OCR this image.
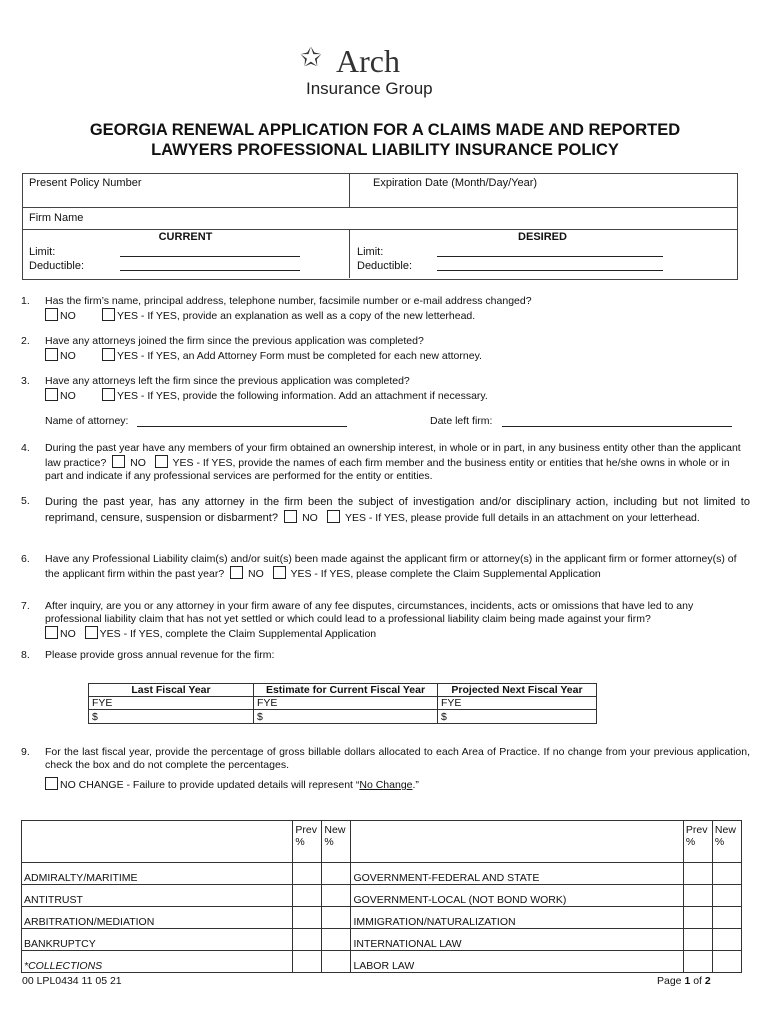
✩ Arch
Insurance Group
GEORGIA RENEWAL APPLICATION FOR A CLAIMS MADE AND REPORTED
LAWYERS PROFESSIONAL LIABILITY INSURANCE POLICY
Present Policy Number	Expiration Date (Month/Day/Year)
Firm Name
CURRENT	DESIRED
Limit:
Deductible:
Limit:
Deductible:
1. Has the firm’s name, principal address, telephone number, facsimile number or e-mail address changed?
NO	YES - If YES, provide an explanation as well as a copy of the new letterhead.
2. Have any attorneys joined the firm since the previous application was completed?
NO	YES - If YES, an Add Attorney Form must be completed for each new attorney.
3. Have any attorneys left the firm since the previous application was completed?
NO	YES - If YES, provide the following information. Add an attachment if necessary.
Name of attorney:	Date left firm:
4. During the past year have any members of your firm obtained an ownership interest, in whole or in part, in any business entity other than the applicant law practice? NO	YES - If YES, provide the names of each firm member and the business entity or entities that he/she owns in whole or in part and indicate if any professional services are performed for the entity or entities.
5. During the past year, has any attorney in the firm been the subject of investigation and/or disciplinary action, including but not limited to reprimand, censure, suspension or disbarment? NO	YES - If YES, please provide full details in an attachment on your letterhead.
6. Have any Professional Liability claim(s) and/or suit(s) been made against the applicant firm or attorney(s) in the applicant firm or former attorney(s) of the applicant firm within the past year? NO	YES - If YES, please complete the Claim Supplemental Application
7. After inquiry, are you or any attorney in your firm aware of any fee disputes, circumstances, incidents, acts or omissions that have led to any
professional liability claim that has not yet settled or which could lead to a professional liability claim being made against your firm?
NO YES - If YES, complete the Claim Supplemental Application
8. Please provide gross annual revenue for the firm:
Last Fiscal Year	Estimate for Current Fiscal Year	Projected Next Fiscal Year
FYE	FYE	FYE
$	$	$
9. For the last fiscal year, provide the percentage of gross billable dollars allocated to each Area of Practice. If no change from your previous application, check the box and do not complete the percentages.
NO CHANGE - Failure to provide updated details will represent “No Change.”
	Prev %	New %		Prev %	New %
ADMIRALTY/MARITIME			GOVERNMENT-FEDERAL AND STATE		
ANTITRUST			GOVERNMENT-LOCAL (NOT BOND WORK)		
ARBITRATION/MEDIATION			IMMIGRATION/NATURALIZATION		
BANKRUPTCY			INTERNATIONAL LAW		
*COLLECTIONS			LABOR LAW		
00 LPL0434 11 05 21	Page 1 of 2
